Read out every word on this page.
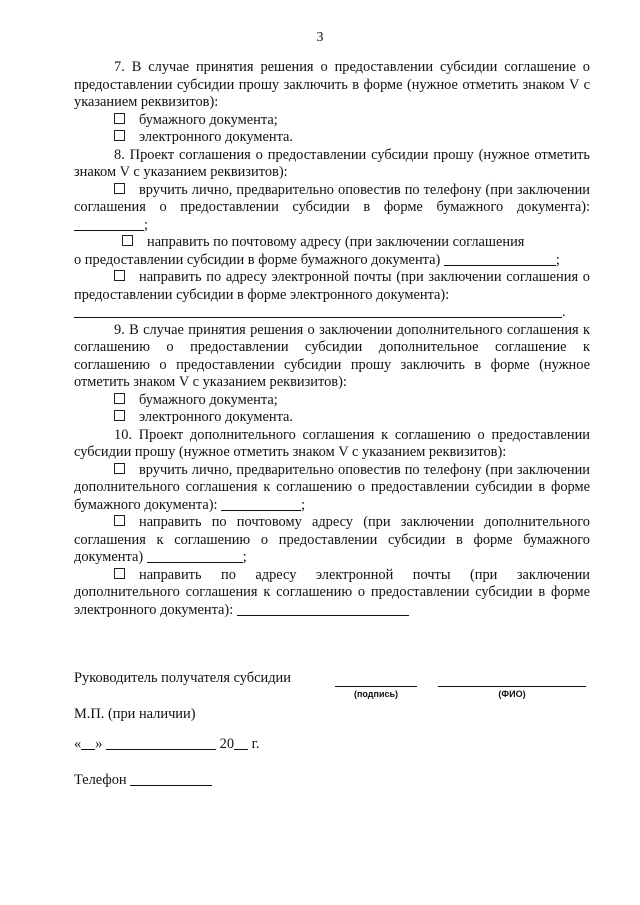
3

7. В случае принятия решения о предоставлении субсидии соглашение о предоставлении субсидии прошу заключить в форме (нужное отметить знаком V с указанием реквизитов):

бумажного документа;

электронного документа.

8. Проект соглашения о предоставлении субсидии прошу (нужное отметить знаком V с указанием реквизитов):

вручить лично, предварительно оповестив по телефону (при заключении соглашения о предоставлении субсидии в форме бумажного документа): ;

направить по почтовому адресу (при заключении соглашения

о предоставлении субсидии в форме бумажного документа)	;

направить по адресу электронной почты (при заключении соглашения о предоставлении субсидии в форме электронного документа):

.

9. В случае принятия решения о заключении дополнительного соглашения к соглашению о предоставлении субсидии дополнительное соглашение к соглашению о предоставлении субсидии прошу заключить в форме (нужное отметить знаком V с указанием реквизитов):

бумажного документа;

электронного документа.

10. Проект дополнительного соглашения к соглашению о предоставлении субсидии прошу (нужное отметить знаком V с указанием реквизитов):

вручить лично, предварительно оповестив по телефону (при заключении дополнительного соглашения к соглашению о предоставлении субсидии в форме бумажного документа):	;

направить по почтовому адресу (при заключении дополнительного соглашения к соглашению о предоставлении субсидии в форме бумажного документа)	;

направить по адресу электронной почты (при заключении дополнительного соглашения к соглашению о предоставлении субсидии в форме электронного документа):

Руководитель получателя субсидии
(подпись)	(ФИО)
М.П. (при наличии)
« »	20 г.
Телефон
